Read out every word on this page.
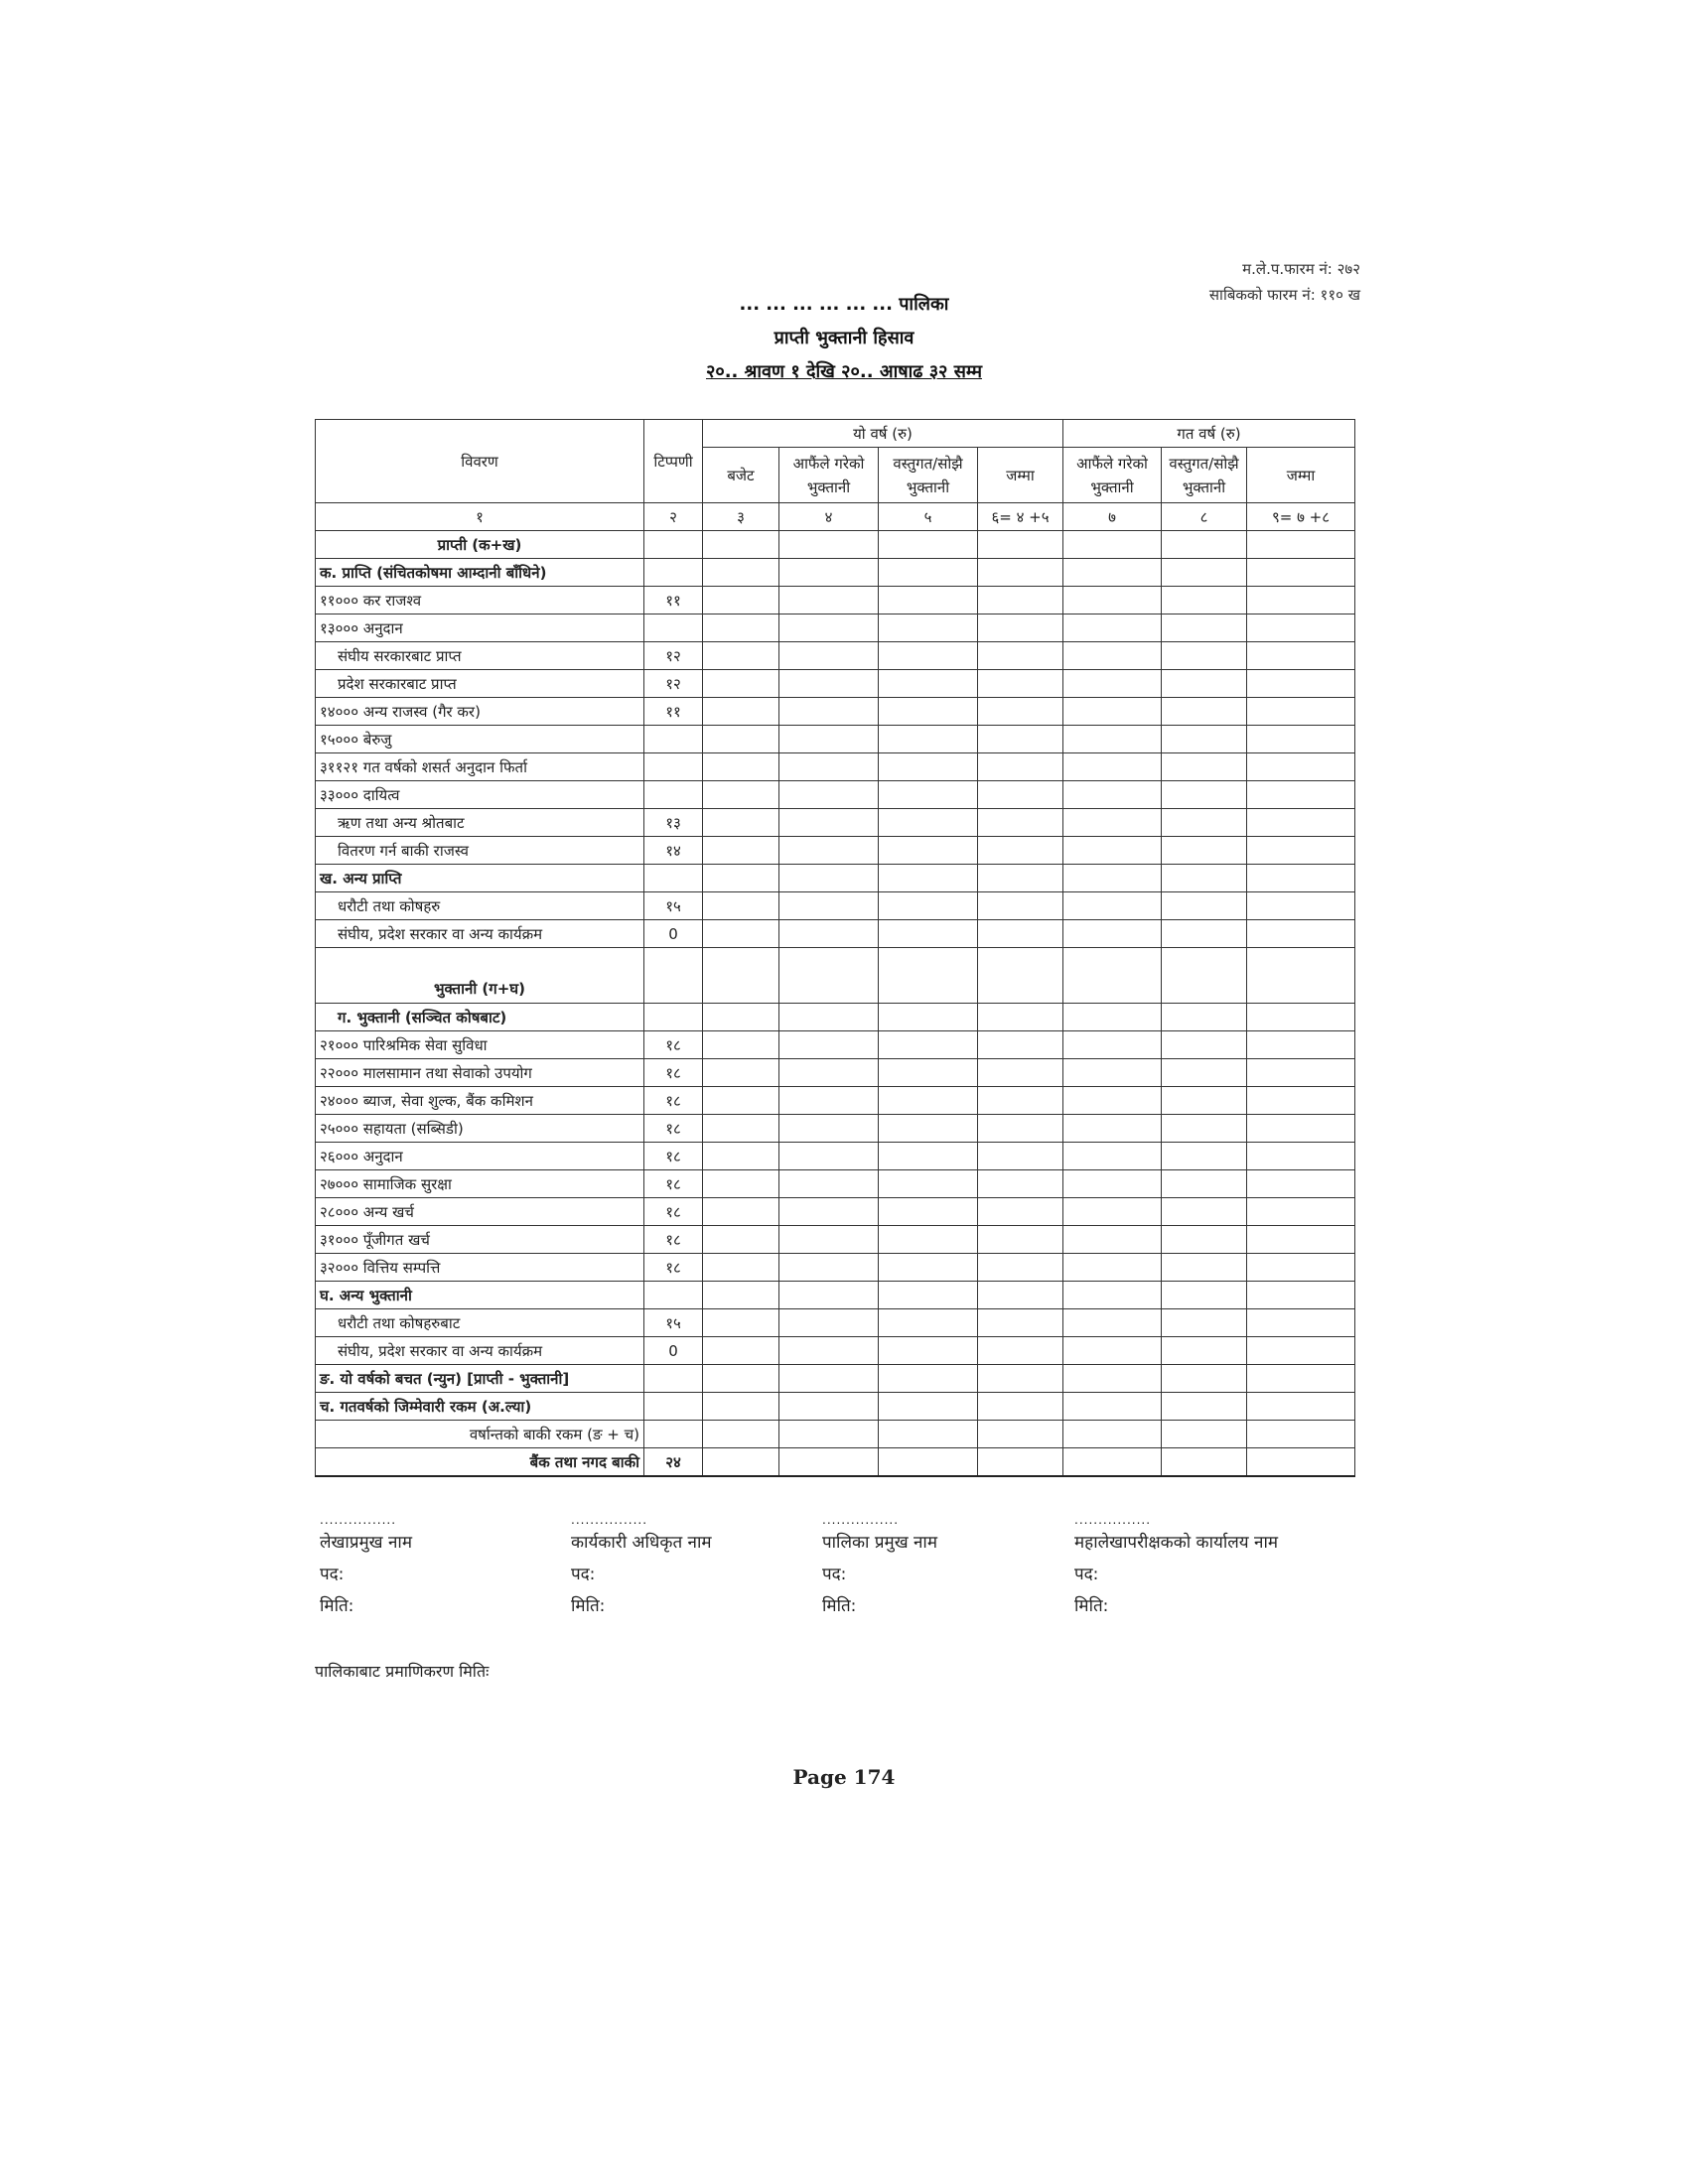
म.ले.प.फारम नं: २७२
साबिकको फारम नं: ११० ख
... ... ... ... ... ... पालिका
प्राप्ती भुक्तानी हिसाव
२०.. श्रावण १ देखि २०.. आषाढ ३२ सम्म
विवरण	टिप्पणी	यो वर्ष (रु)				गत वर्ष (रु)		
		बजेट	आफैंले गरेको भुक्तानी	वस्तुगत/सोझै भुक्तानी	जम्मा	आफैंले गरेको भुक्तानी	वस्तुगत/सोझै भुक्तानी	जम्मा
१	२	३	४	५	६= ४ +५	७	८	९= ७ +८
प्राप्ती (क+ख)								
क. प्राप्ति (संचितकोषमा आम्दानी बाँधिने)								
११००० कर राजश्व	११							
१३००० अनुदान								
संघीय सरकारबाट प्राप्त	१२							
प्रदेश सरकारबाट प्राप्त	१२							
१४००० अन्य राजस्व (गैर कर)	११							
१५००० बेरुजु								
३११२१ गत वर्षको शसर्त अनुदान फिर्ता								
३३००० दायित्व								
ऋण तथा अन्य श्रोतबाट	१३							
वितरण गर्न बाकी राजस्व	१४							
ख. अन्य प्राप्ति								
धरौटी तथा कोषहरु	१५							
संघीय, प्रदेश सरकार वा अन्य कार्यक्रम	0							
भुक्तानी (ग+घ)								
ग. भुक्तानी (सञ्चित कोषबाट)								
२१००० पारिश्रमिक सेवा सुविधा	१८							
२२००० मालसामान तथा सेवाको उपयोग	१८							
२४००० ब्याज, सेवा शुल्क, बैंक कमिशन	१८							
२५००० सहायता (सब्सिडी)	१८							
२६००० अनुदान	१८							
२७००० सामाजिक सुरक्षा	१८							
२८००० अन्य खर्च	१८							
३१००० पूँजीगत खर्च	१८							
३२००० वित्तिय सम्पत्ति	१८							
घ. अन्य भुक्तानी								
धरौटी तथा कोषहरुबाट	१५							
संघीय, प्रदेश सरकार वा अन्य कार्यक्रम	0							
ङ. यो वर्षको बचत (न्युन) [प्राप्ती - भुक्तानी]								
च. गतवर्षको जिम्मेवारी रकम (अ.ल्या)								
वर्षान्तको बाकी रकम (ङ + च)								
बैंक तथा नगद बाकी	२४							
................
लेखाप्रमुख नाम
पद:
मिति:
................
कार्यकारी अधिकृत नाम
पद:
मिति:
................
पालिका प्रमुख नाम
पद:
मिति:
................
महालेखापरीक्षकको कार्यालय नाम
पद:
मिति:
पालिकाबाट प्रमाणिकरण मितिः
Page 174
